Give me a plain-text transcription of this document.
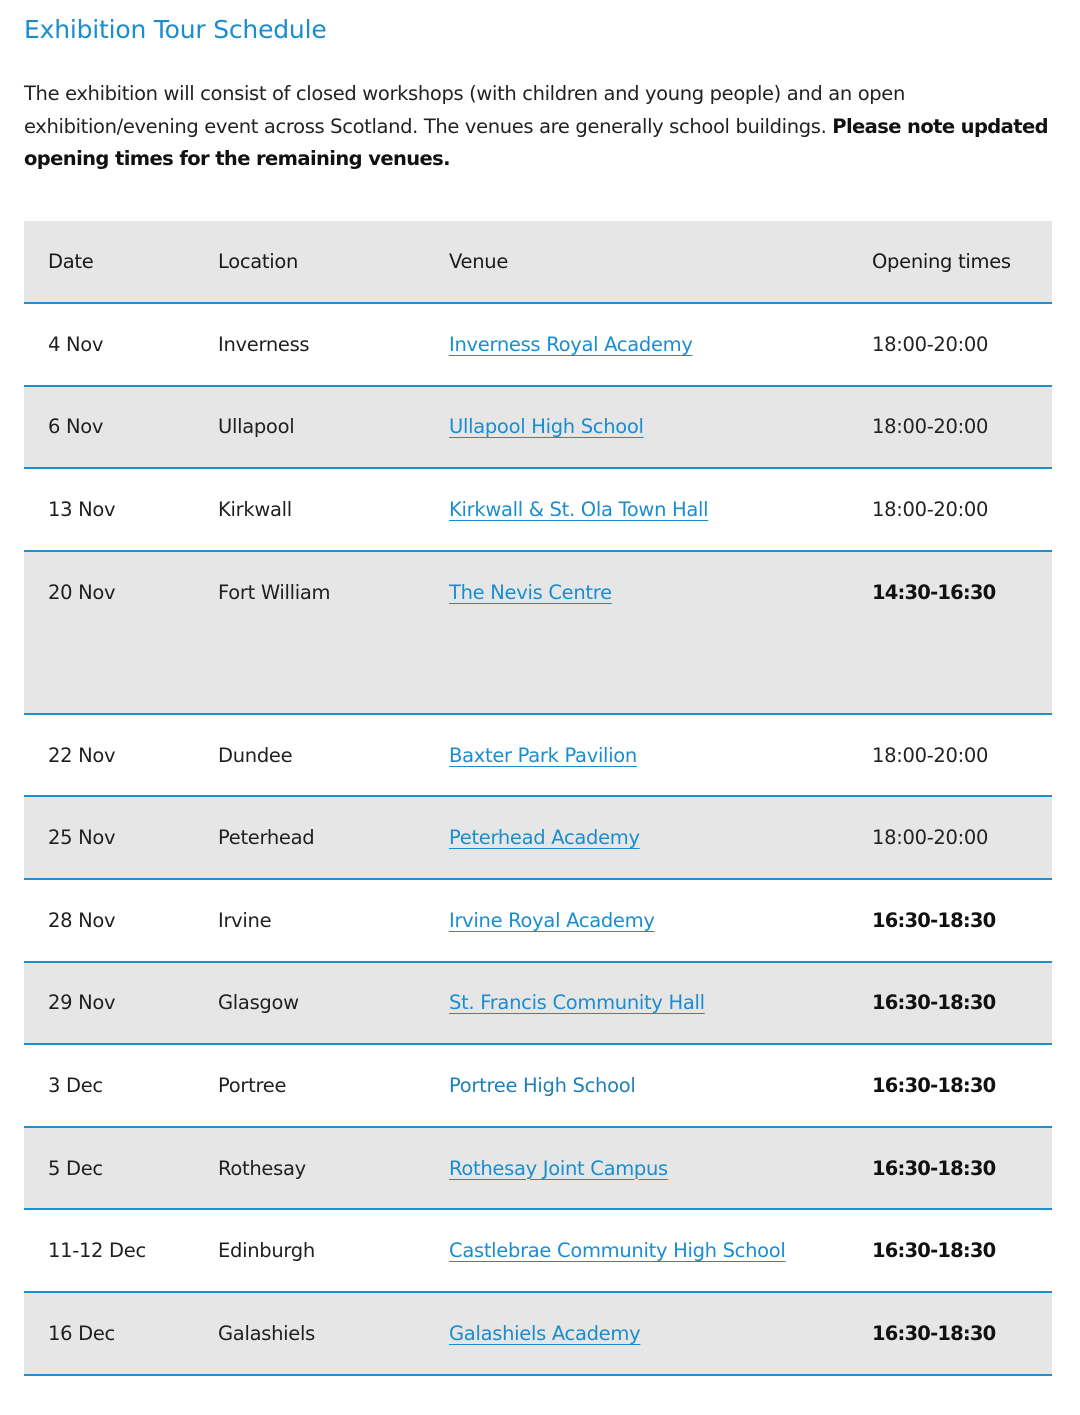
Exhibition Tour Schedule

The exhibition will consist of closed workshops (with children and young people) and an open exhibition/evening event across Scotland. The venues are generally school buildings. Please note updated opening times for the remaining venues.

Date	Location	Venue	Opening times
4 Nov	Inverness	Inverness Royal Academy	18:00-20:00
6 Nov	Ullapool	Ullapool High School	18:00-20:00
13 Nov	Kirkwall	Kirkwall & St. Ola Town Hall	18:00-20:00
20 Nov	Fort William	The Nevis Centre	14:30-16:30
22 Nov	Dundee	Baxter Park Pavilion	18:00-20:00
25 Nov	Peterhead	Peterhead Academy	18:00-20:00
28 Nov	Irvine	Irvine Royal Academy	16:30-18:30
29 Nov	Glasgow	St. Francis Community Hall	16:30-18:30
3 Dec	Portree	Portree High School	16:30-18:30
5 Dec	Rothesay	Rothesay Joint Campus	16:30-18:30
11-12 Dec	Edinburgh	Castlebrae Community High School	16:30-18:30
16 Dec	Galashiels	Galashiels Academy	16:30-18:30
